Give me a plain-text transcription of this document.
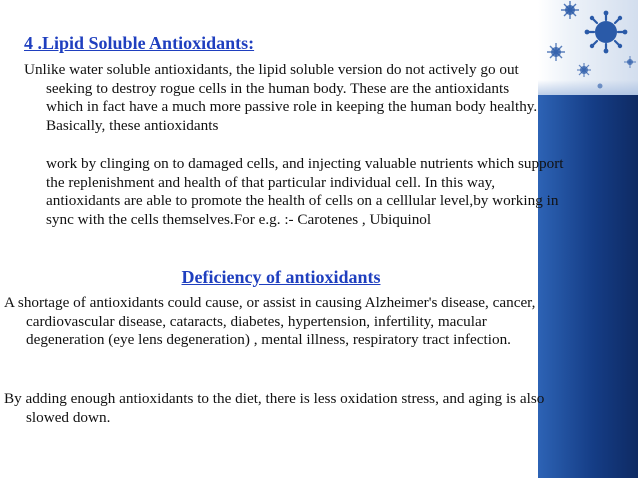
4 .Lipid Soluble Antioxidants:

Unlike water soluble antioxidants, the lipid soluble version do not actively go out seeking to destroy rogue cells in the human body. These are the antioxidants which in fact have a much more passive role in keeping the human body healthy. Basically, these antioxidants

work by clinging on to damaged cells, and injecting valuable nutrients which support the replenishment and health of that particular individual cell. In this way, antioxidants are able to promote the health of cells on a celllular level,by working in sync with the cells themselves.For e.g. :- Carotenes , Ubiquinol

Deficiency of antioxidants

A shortage of antioxidants could cause, or assist in causing Alzheimer's disease, cancer, cardiovascular disease, cataracts, diabetes, hypertension, infertility, macular degeneration (eye lens degeneration) , mental illness, respiratory tract infection.

By adding enough antioxidants to the diet, there is less oxidation stress, and aging is also slowed down.
